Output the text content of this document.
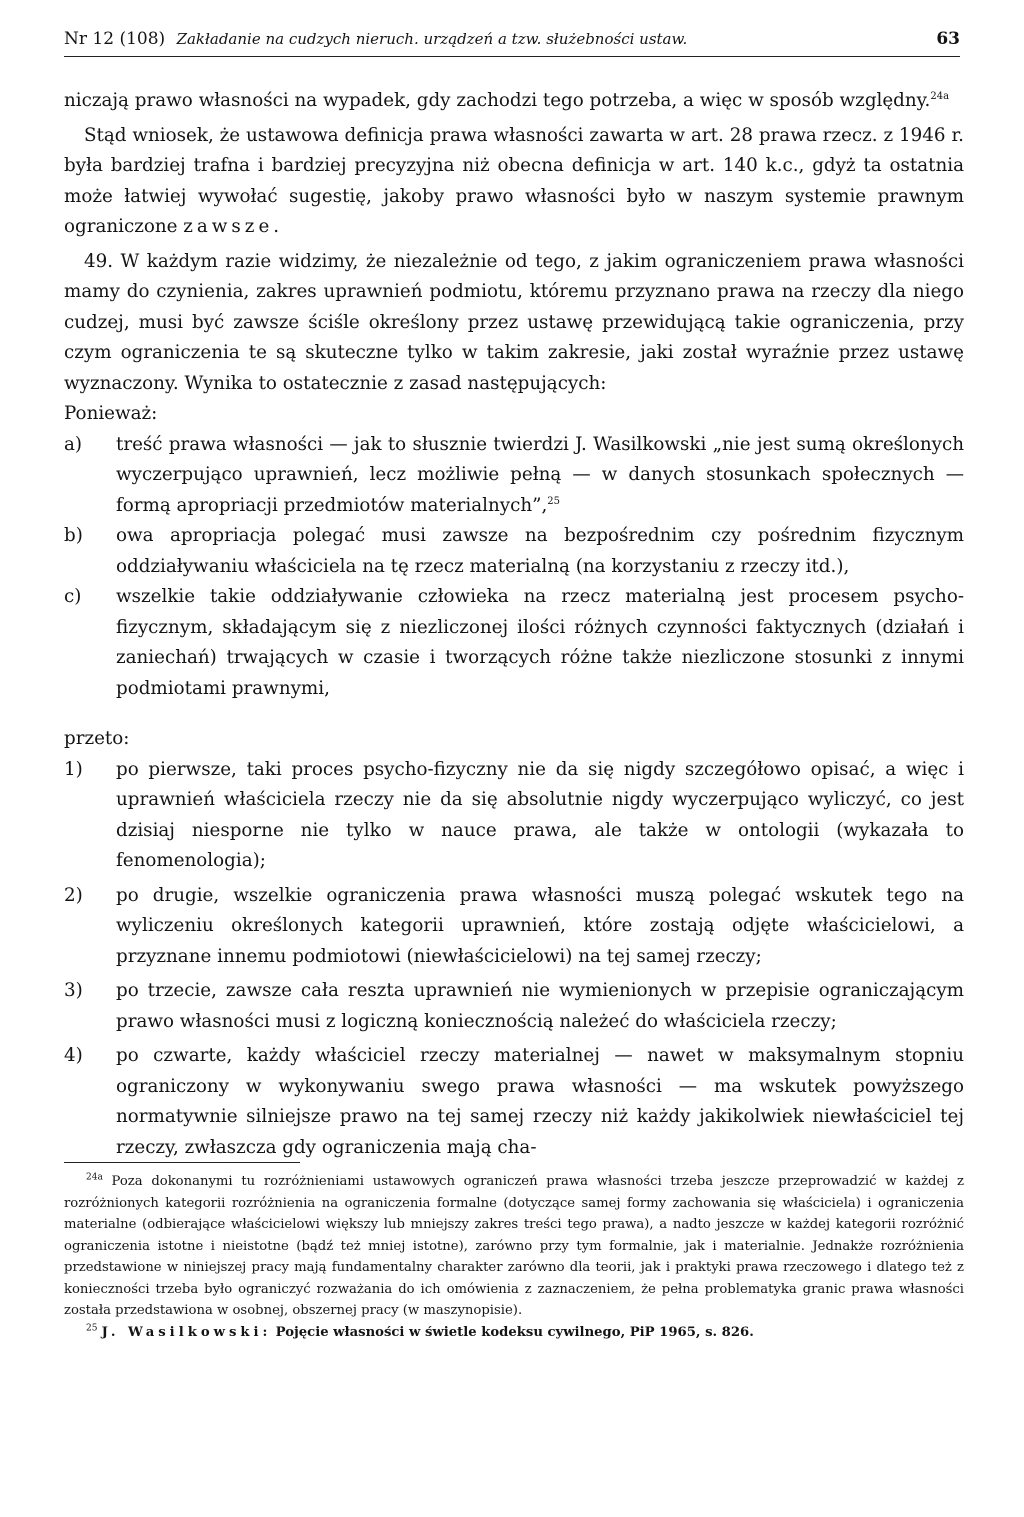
Nr 12 (108) Zakładanie na cudzych nieruch. urządzeń a tzw. służebności ustaw.	63

niczają prawo własności na wypadek, gdy zachodzi tego potrzeba, a więc w sposób względny.$^{24a}$

Stąd wniosek, że ustawowa definicja prawa własności zawarta w art. 28 prawa rzecz. z 1946 r. była bardziej trafna i bardziej precyzyjna niż obecna definicja w art. 140 k.c., gdyż ta ostatnia może łatwiej wywołać sugestię, jakoby prawo własności było w naszym systemie prawnym ograniczone zawsze.

49. W każdym razie widzimy, że niezależnie od tego, z jakim ograniczeniem prawa własności mamy do czynienia, zakres uprawnień podmiotu, któremu przyznano prawa na rzeczy dla niego cudzej, musi być zawsze ściśle określony przez ustawę przewidującą takie ograniczenia, przy czym ograniczenia te są skuteczne tylko w takim zakresie, jaki został wyraźnie przez ustawę wyznaczony. Wynika to ostatecznie z zasad następujących:

Ponieważ:

a)	treść prawa własności — jak to słusznie twierdzi J. Wasilkowski „nie jest sumą określonych wyczerpująco uprawnień, lecz możliwie pełną — w danych stosunkach społecznych — formą apropriacji przedmiotów materialnych”,$^{25}$
b)	owa apropriacja polegać musi zawsze na bezpośrednim czy pośrednim fizycznym oddziaływaniu właściciela na tę rzecz materialną (na korzystaniu z rzeczy itd.),
c)	wszelkie takie oddziaływanie człowieka na rzecz materialną jest procesem psycho-fizycznym, składającym się z niezliczonej ilości różnych czynności faktycznych (działań i zaniechań) trwających w czasie i tworzących różne także niezliczone stosunki z innymi podmiotami prawnymi,

przeto:

1)	po pierwsze, taki proces psycho-fizyczny nie da się nigdy szczegółowo opisać, a więc i uprawnień właściciela rzeczy nie da się absolutnie nigdy wyczerpująco wyliczyć, co jest dzisiaj niesporne nie tylko w nauce prawa, ale także w ontologii (wykazała to fenomenologia);
2)	po drugie, wszelkie ograniczenia prawa własności muszą polegać wskutek tego na wyliczeniu określonych kategorii uprawnień, które zostają odjęte właścicielowi, a przyznane innemu podmiotowi (niewłaścicielowi) na tej samej rzeczy;
3)	po trzecie, zawsze cała reszta uprawnień nie wymienionych w przepisie ograniczającym prawo własności musi z logiczną koniecznością należeć do właściciela rzeczy;
4)	po czwarte, każdy właściciel rzeczy materialnej — nawet w maksymalnym stopniu ograniczony w wykonywaniu swego prawa własności — ma wskutek powyższego normatywnie silniejsze prawo na tej samej rzeczy niż każdy jakikolwiek niewłaściciel tej rzeczy, zwłaszcza gdy ograniczenia mają cha-

$^{24a}$ Poza dokonanymi tu rozróżnieniami ustawowych ograniczeń prawa własności trzeba jeszcze przeprowadzić w każdej z rozróżnionych kategorii rozróżnienia na ograniczenia formalne (dotyczące samej formy zachowania się właściciela) i ograniczenia materialne (odbierające właścicielowi większy lub mniejszy zakres treści tego prawa), a nadto jeszcze w każdej kategorii rozróżnić ograniczenia istotne i nieistotne (bądź też mniej istotne), zarówno przy tym formalnie, jak i materialnie. Jednakże rozróżnienia przedstawione w niniejszej pracy mają fundamentalny charakter zarówno dla teorii, jak i praktyki prawa rzeczowego i dlatego też z konieczności trzeba było ograniczyć rozważania do ich omówienia z zaznaczeniem, że pełna problematyka granic prawa własności została przedstawiona w osobnej, obszernej pracy (w maszynopisie).

$^{25}$ J. Wasilkowski: Pojęcie własności w świetle kodeksu cywilnego, PiP 1965, s. 826.
